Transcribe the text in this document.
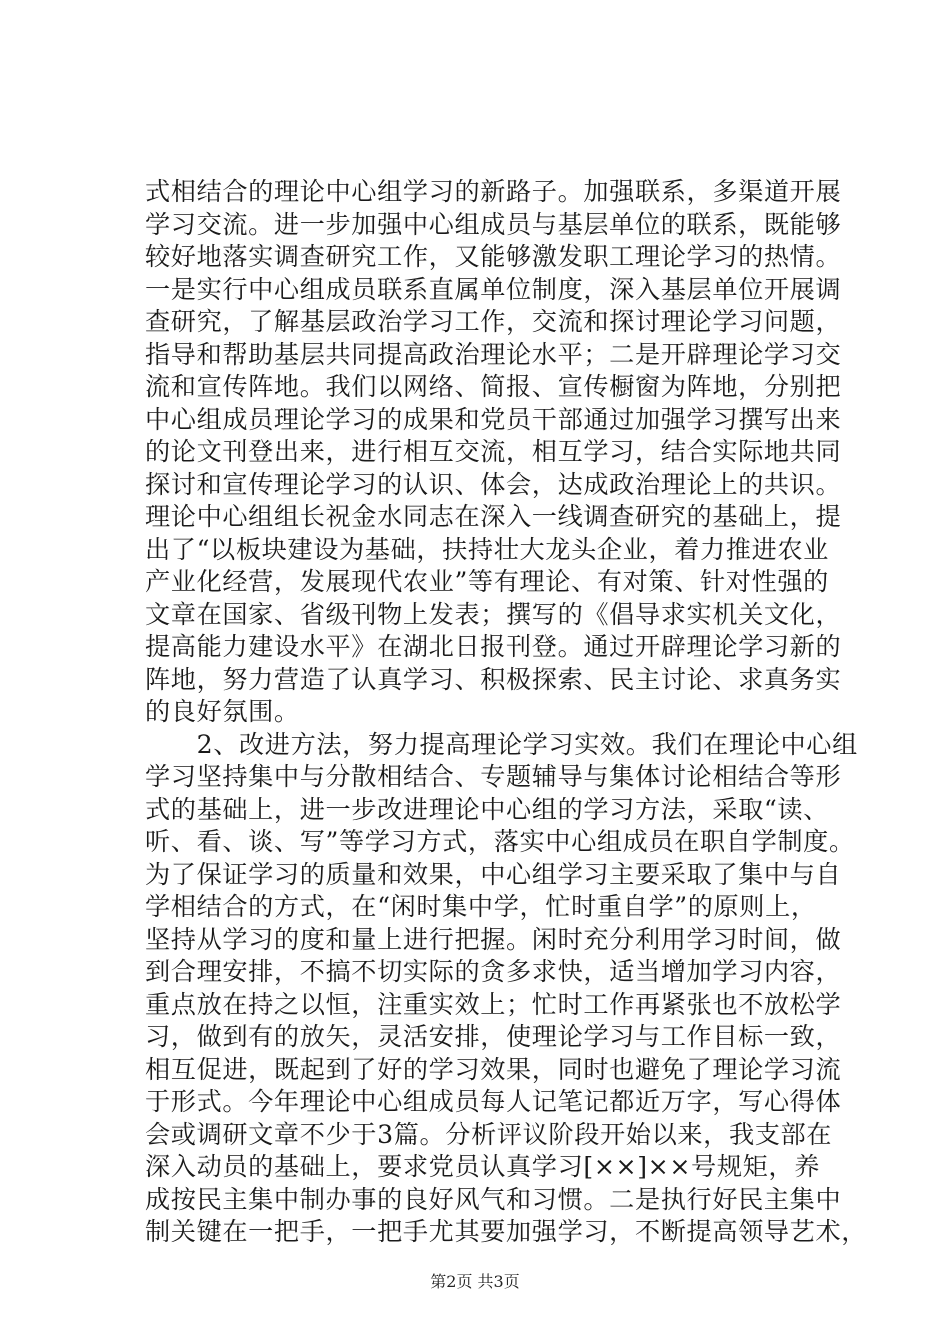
式相结合的理论中心组学习的新路子。加强联系，多渠道开展
学习交流。进一步加强中心组成员与基层单位的联系，既能够
较好地落实调查研究工作，又能够激发职工理论学习的热情。
一是实行中心组成员联系直属单位制度，深入基层单位开展调
查研究，了解基层政治学习工作，交流和探讨理论学习问题，
指导和帮助基层共同提高政治理论水平；二是开辟理论学习交
流和宣传阵地。我们以网络、简报、宣传橱窗为阵地，分别把
中心组成员理论学习的成果和党员干部通过加强学习撰写出来
的论文刊登出来，进行相互交流，相互学习，结合实际地共同
探讨和宣传理论学习的认识、体会，达成政治理论上的共识。
理论中心组组长祝金水同志在深入一线调查研究的基础上，提
出了“以板块建设为基础，扶持壮大龙头企业，着力推进农业
产业化经营，发展现代农业”等有理论、有对策、针对性强的
文章在国家、省级刊物上发表；撰写的《倡导求实机关文化，
提高能力建设水平》在湖北日报刊登。通过开辟理论学习新的
阵地，努力营造了认真学习、积极探索、民主讨论、求真务实
的良好氛围。
　　2、改进方法，努力提高理论学习实效。我们在理论中心组
学习坚持集中与分散相结合、专题辅导与集体讨论相结合等形
式的基础上，进一步改进理论中心组的学习方法，采取“读、
听、看、谈、写”等学习方式，落实中心组成员在职自学制度。
为了保证学习的质量和效果，中心组学习主要采取了集中与自
学相结合的方式，在“闲时集中学，忙时重自学”的原则上，
坚持从学习的度和量上进行把握。闲时充分利用学习时间，做
到合理安排，不搞不切实际的贪多求快，适当增加学习内容，
重点放在持之以恒，注重实效上；忙时工作再紧张也不放松学
习，做到有的放矢，灵活安排，使理论学习与工作目标一致，
相互促进，既起到了好的学习效果，同时也避免了理论学习流
于形式。今年理论中心组成员每人记笔记都近万字，写心得体
会或调研文章不少于3篇。分析评议阶段开始以来，我支部在
深入动员的基础上，要求党员认真学习[××]××号规矩，养
成按民主集中制办事的良好风气和习惯。二是执行好民主集中
制关键在一把手，一把手尤其要加强学习，不断提高领导艺术，
第2页 共3页
